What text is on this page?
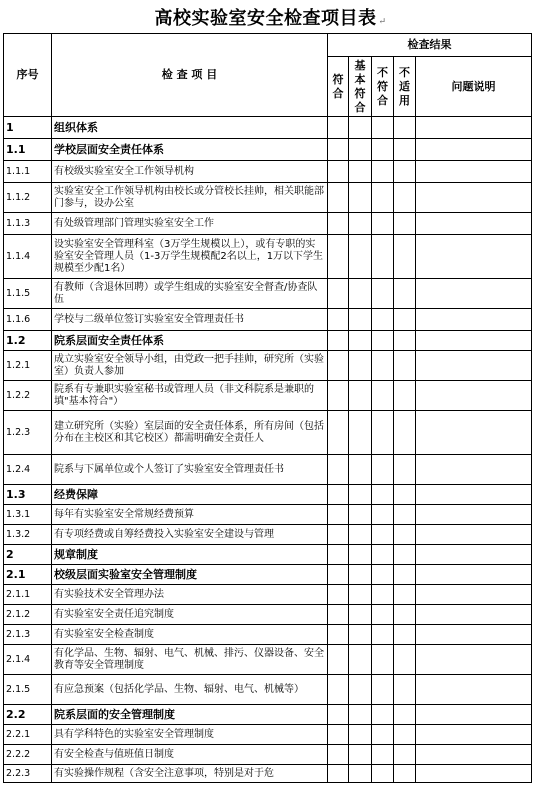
高校实验室安全检查项目表 ↵
序号	检 查 项 目	检查结果				
		符合	基本符合	不符合	不适用	问题说明
1	组织体系					
1.1	学校层面安全责任体系					
1.1.1	有校级实验室安全工作领导机构					
1.1.2	实验室安全工作领导机构由校长或分管校长挂帅，相关职能部门参与，设办公室					
1.1.3	有处级管理部门管理实验室安全工作					
1.1.4	设实验室安全管理科室（3万学生规模以上），或有专职的实验室安全管理人员（1-3万学生规模配2名以上，1万以下学生规模至少配1名）					
1.1.5	有教师（含退休回聘）或学生组成的实验室安全督查/协查队伍					
1.1.6	学校与二级单位签订实验室安全管理责任书					
1.2	院系层面安全责任体系					
1.2.1	成立实验室安全领导小组，由党政一把手挂帅，研究所（实验室）负责人参加					
1.2.2	院系有专兼职实验室秘书或管理人员（非文科院系是兼职的填"基本符合"）					
1.2.3	建立研究所（实验）室层面的安全责任体系，所有房间（包括分布在主校区和其它校区）都需明确安全责任人					
1.2.4	院系与下属单位或个人签订了实验室安全管理责任书					
1.3	经费保障					
1.3.1	每年有实验室安全常规经费预算					
1.3.2	有专项经费或自筹经费投入实验室安全建设与管理					
2	规章制度					
2.1	校级层面实验室安全管理制度					
2.1.1	有实验技术安全管理办法					
2.1.2	有实验室安全责任追究制度					
2.1.3	有实验室安全检查制度					
2.1.4	有化学品、生物、辐射、电气、机械、排污、仪器设备、安全教育等安全管理制度					
2.1.5	有应急预案（包括化学品、生物、辐射、电气、机械等）					
2.2	院系层面的安全管理制度					
2.2.1	具有学科特色的实验室安全管理制度					
2.2.2	有安全检查与值班值日制度					
2.2.3	有实验操作规程（含安全注意事项，特别是对于危					
